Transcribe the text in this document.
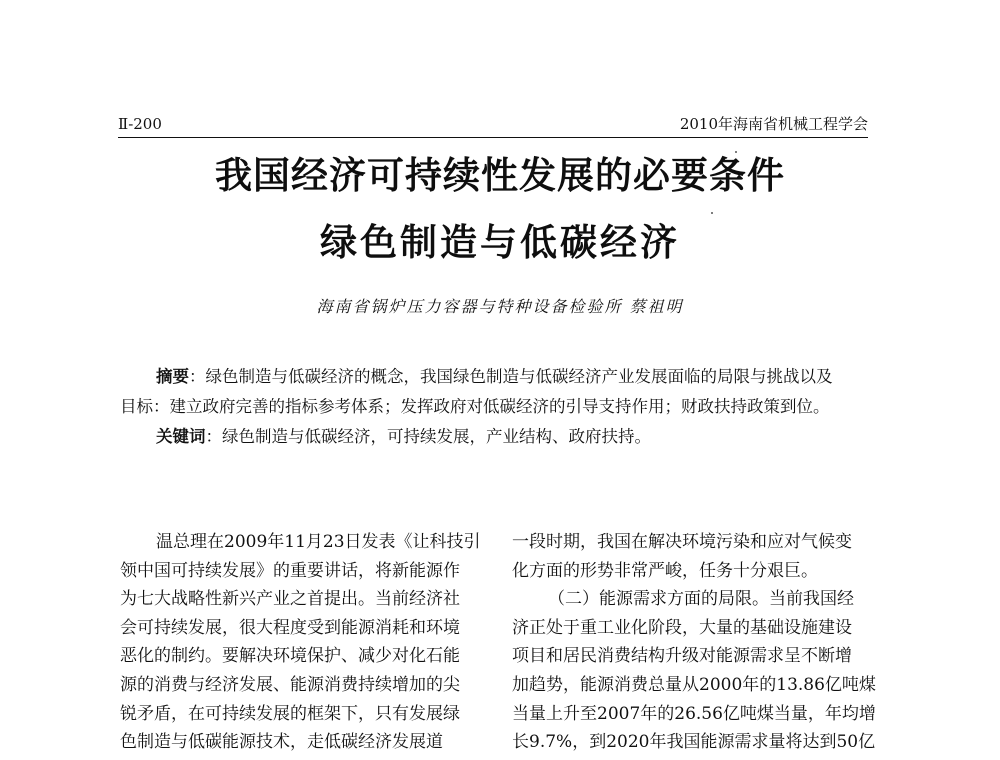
Ⅱ-200	2010年海南省机械工程学会
我国经济可持续性发展的必要条件
绿色制造与低碳经济
海南省锅炉压力容器与特种设备检验所 蔡祖明
摘要：绿色制造与低碳经济的概念，我国绿色制造与低碳经济产业发展面临的局限与挑战以及
目标：建立政府完善的指标参考体系；发挥政府对低碳经济的引导支持作用；财政扶持政策到位。
关键词：绿色制造与低碳经济，可持续发展，产业结构、政府扶持。
温总理在2009年11月23日发表《让科技引
领中国可持续发展》的重要讲话，将新能源作
为七大战略性新兴产业之首提出。当前经济社
会可持续发展，很大程度受到能源消耗和环境
恶化的制约。要解决环境保护、减少对化石能
源的消费与经济发展、能源消费持续增加的尖
锐矛盾，在可持续发展的框架下，只有发展绿
色制造与低碳能源技术，走低碳经济发展道
一段时期，我国在解决环境污染和应对气候变
化方面的形势非常严峻，任务十分艰巨。
（二）能源需求方面的局限。当前我国经
济正处于重工业化阶段，大量的基础设施建设
项目和居民消费结构升级对能源需求呈不断增
加趋势，能源消费总量从2000年的13.86亿吨煤
当量上升至2007年的26.56亿吨煤当量，年均增
长9.7%，到2020年我国能源需求量将达到50亿
